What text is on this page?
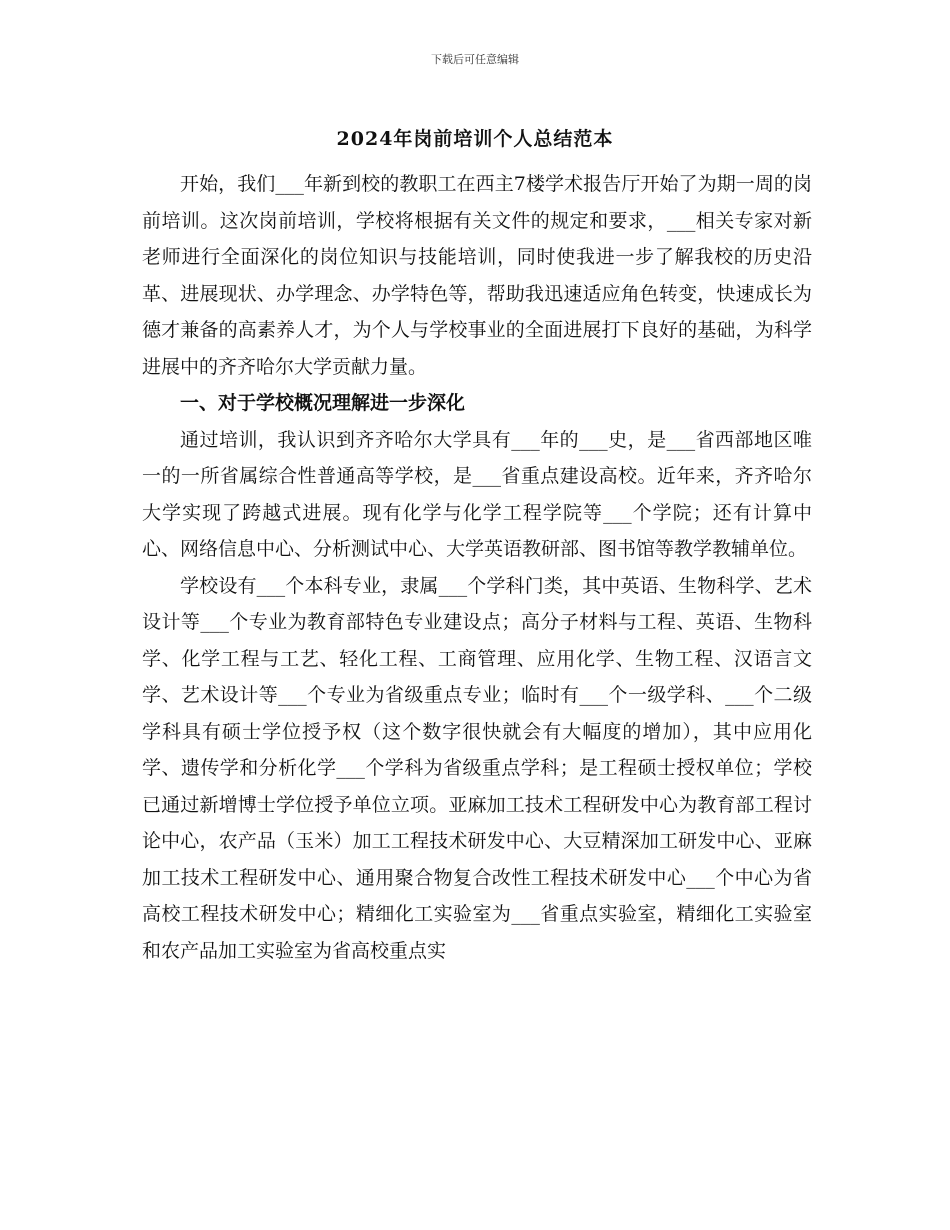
下载后可任意编辑
2024年岗前培训个人总结范本

开始，我们___年新到校的教职工在西主7楼学术报告厅开始了为期一周的岗前培训。这次岗前培训，学校将根据有关文件的规定和要求，___相关专家对新老师进行全面深化的岗位知识与技能培训，同时使我进一步了解我校的历史沿革、进展现状、办学理念、办学特色等，帮助我迅速适应角色转变，快速成长为德才兼备的高素养人才，为个人与学校事业的全面进展打下良好的基础，为科学进展中的齐齐哈尔大学贡献力量。

一、对于学校概况理解进一步深化

通过培训，我认识到齐齐哈尔大学具有___年的___史，是___省西部地区唯一的一所省属综合性普通高等学校，是___省重点建设高校。近年来，齐齐哈尔大学实现了跨越式进展。现有化学与化学工程学院等___个学院；还有计算中心、网络信息中心、分析测试中心、大学英语教研部、图书馆等教学教辅单位。

学校设有___个本科专业，隶属___个学科门类，其中英语、生物科学、艺术设计等___个专业为教育部特色专业建设点；高分子材料与工程、英语、生物科学、化学工程与工艺、轻化工程、工商管理、应用化学、生物工程、汉语言文学、艺术设计等___个专业为省级重点专业；临时有___个一级学科、___个二级学科具有硕士学位授予权（这个数字很快就会有大幅度的增加），其中应用化学、遗传学和分析化学___个学科为省级重点学科；是工程硕士授权单位；学校已通过新增博士学位授予单位立项。亚麻加工技术工程研发中心为教育部工程讨论中心，农产品（玉米）加工工程技术研发中心、大豆精深加工研发中心、亚麻加工技术工程研发中心、通用聚合物复合改性工程技术研发中心___个中心为省高校工程技术研发中心；精细化工实验室为___省重点实验室，精细化工实验室和农产品加工实验室为省高校重点实
